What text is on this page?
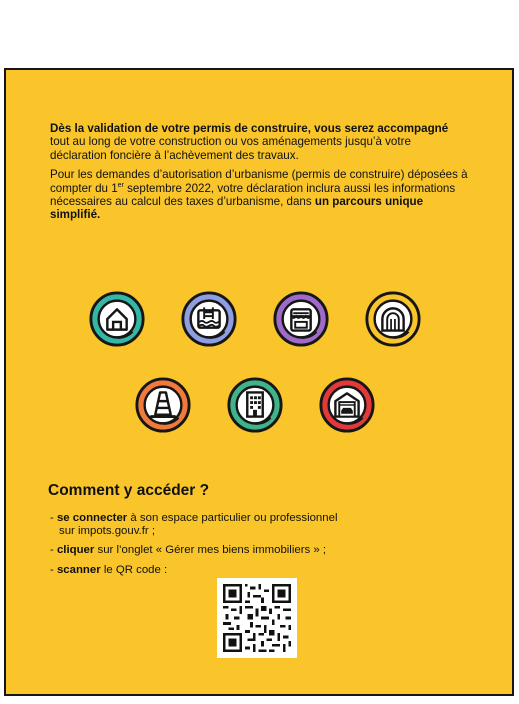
Dès la validation de votre permis de construire, vous serez accompagné tout au long de votre construction ou vos aménagements jusqu’à votre déclaration foncière à l’achèvement des travaux.

Pour les demandes d’autorisation d’urbanisme (permis de construire) déposées à compter du 1er septembre 2022, votre déclaration inclura aussi les informations nécessaires au calcul des taxes d’urbanisme, dans un parcours unique simplifié.

Comment y accéder ?
- se connecter à son espace particulier ou professionnel
sur impots.gouv.fr ;
- cliquer sur l’onglet « Gérer mes biens immobiliers » ;
- scanner le QR code :
